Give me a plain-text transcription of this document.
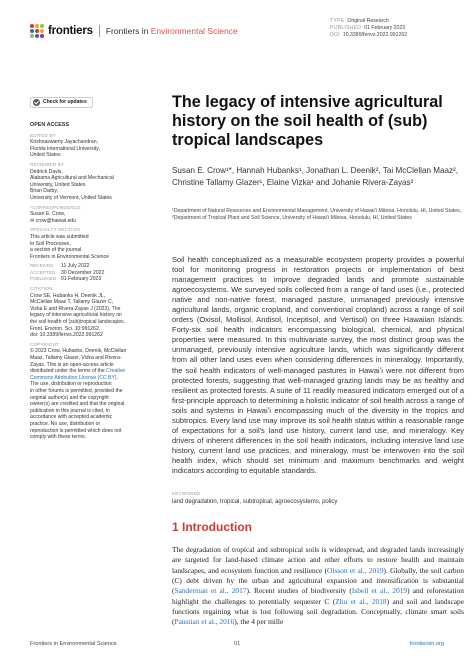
frontiers Frontiers in Environmental Science
TYPE Original Research
PUBLISHED 01 February 2023
DOI 10.3389/fenvs.2022.991262
Check for updates
OPEN ACCESS
EDITED BY
Krishnaswamy Jayachandran,
Florida International University,
United States
REVIEWED BY
Dedrick Davis,
Alabama Agricultural and Mechanical
University, United States
Brian Darby,
University of Vermont, United States
*CORRESPONDENCE
Susan E. Crow,
✉ crow@hawaii.edu
SPECIALTY SECTION
This article was submitted
to Soil Processes,
a section of the journal
Frontiers in Environmental Science
RECEIVED	11 July 2022
ACCEPTED	30 December 2022
PUBLISHED 01 February 2023
CITATION
Crow SE, Hubanks H, Deenik JL,
McClellan Maaz T, Tallamy Glazer C,
Vizka E and Rivera-Zayas J (2023), The
legacy of intensive agricultural history on
the soil health of (sub)tropical landscapes.
Front. Environ. Sci. 10:991262.
doi: 10.3389/fenvs.2022.991262
COPYRIGHT
© 2023 Crow, Hubanks, Deenik, McClellan
Maaz, Tallamy Glazer, Vizka and Rivera-
Zayas. This is an open-access article
distributed under the terms of the Creative
Commons Attribution License (CC BY).
The use, distribution or reproduction
in other forums is permitted, provided the
original author(s) and the copyright
owner(s) are credited and that the original
publication in this journal is cited, in
accordance with accepted academic
practice. No use, distribution or
reproduction is permitted which does not
comply with these terms.
The legacy of intensive agricultural history on the soil health of (sub) tropical landscapes
Susan E. Crow¹*, Hannah Hubanks¹, Jonathan L. Deenik², Tai McClellan Maaz², Christine Tallamy Glazer¹, Elaine Vizka¹ and Johanie Rivera-Zayas²
¹Department of Natural Resources and Environmental Management, University of Hawaiʻi Mānoa, Honolulu, HI, United States, ²Department of Tropical Plant and Soil Science, University of Hawaiʻi Mānoa, Honolulu, HI, United States
Soil health conceptualized as a measurable ecosystem property provides a powerful tool for monitoring progress in restoration projects or implementation of best management practices to improve degraded lands and promote sustainable agroecosystems. We surveyed soils collected from a range of land uses (i.e., protected native and non-native forest, managed pasture, unmanaged previously intensive agricultural lands, organic cropland, and conventional cropland) across a range of soil orders (Oxisol, Mollisol, Andisol, Inceptisol, and Vertisol) on three Hawaiian Islands. Forty-six soil health indicators encompassing biological, chemical, and physical properties were measured. In this multivariate survey, the most distinct group was the unmanaged, previously intensive agriculture lands, which was significantly different from all other land uses even when considering differences in mineralogy. Importantly, the soil health indicators of well-managed pastures in Hawaiʻi were not different from protected forests, suggesting that well-managed grazing lands may be as healthy and resilient as protected forests. A suite of 11 readily measured indicators emerged out of a first-principle approach to determining a holistic indicator of soil health across a range of soils and systems in Hawaiʻi encompassing much of the diversity in the tropics and subtropics. Every land use may improve its soil health status within a reasonable range of expectations for a soil's land use history, current land use, and mineralogy. Key drivers of inherent differences in the soil health indicators, including intensive land use history, current land use practices, and mineralogy, must be interwoven into the soil health index, which should set minimum and maximum benchmarks and weight indicators according to equitable standards.
KEYWORDS
land degradation, tropical, subtropical, agroecosystems, policy
1 Introduction
The degradation of tropical and subtropical soils is widespread, and degraded lands increasingly are targeted for land-based climate action and other efforts to restore health and maintain landscapes, and ecosystem function and resilience (Olsson et al., 2019). Globally, the soil carbon (C) debt driven by the urban and agricultural expansion and intensification is substantial (Sanderman et al., 2017). Recent studies of biodiversity (Isbell et al., 2019) and reforestation highlight the challenges to potentially sequester C (Zhu et al., 2018) and soil and landscape functions regaining what is lost following soil degradation. Conceptually, climate smart soils (Paustian et al., 2016), the 4 per mille
Frontiers in Environmental Science	01	frontiersin.org
